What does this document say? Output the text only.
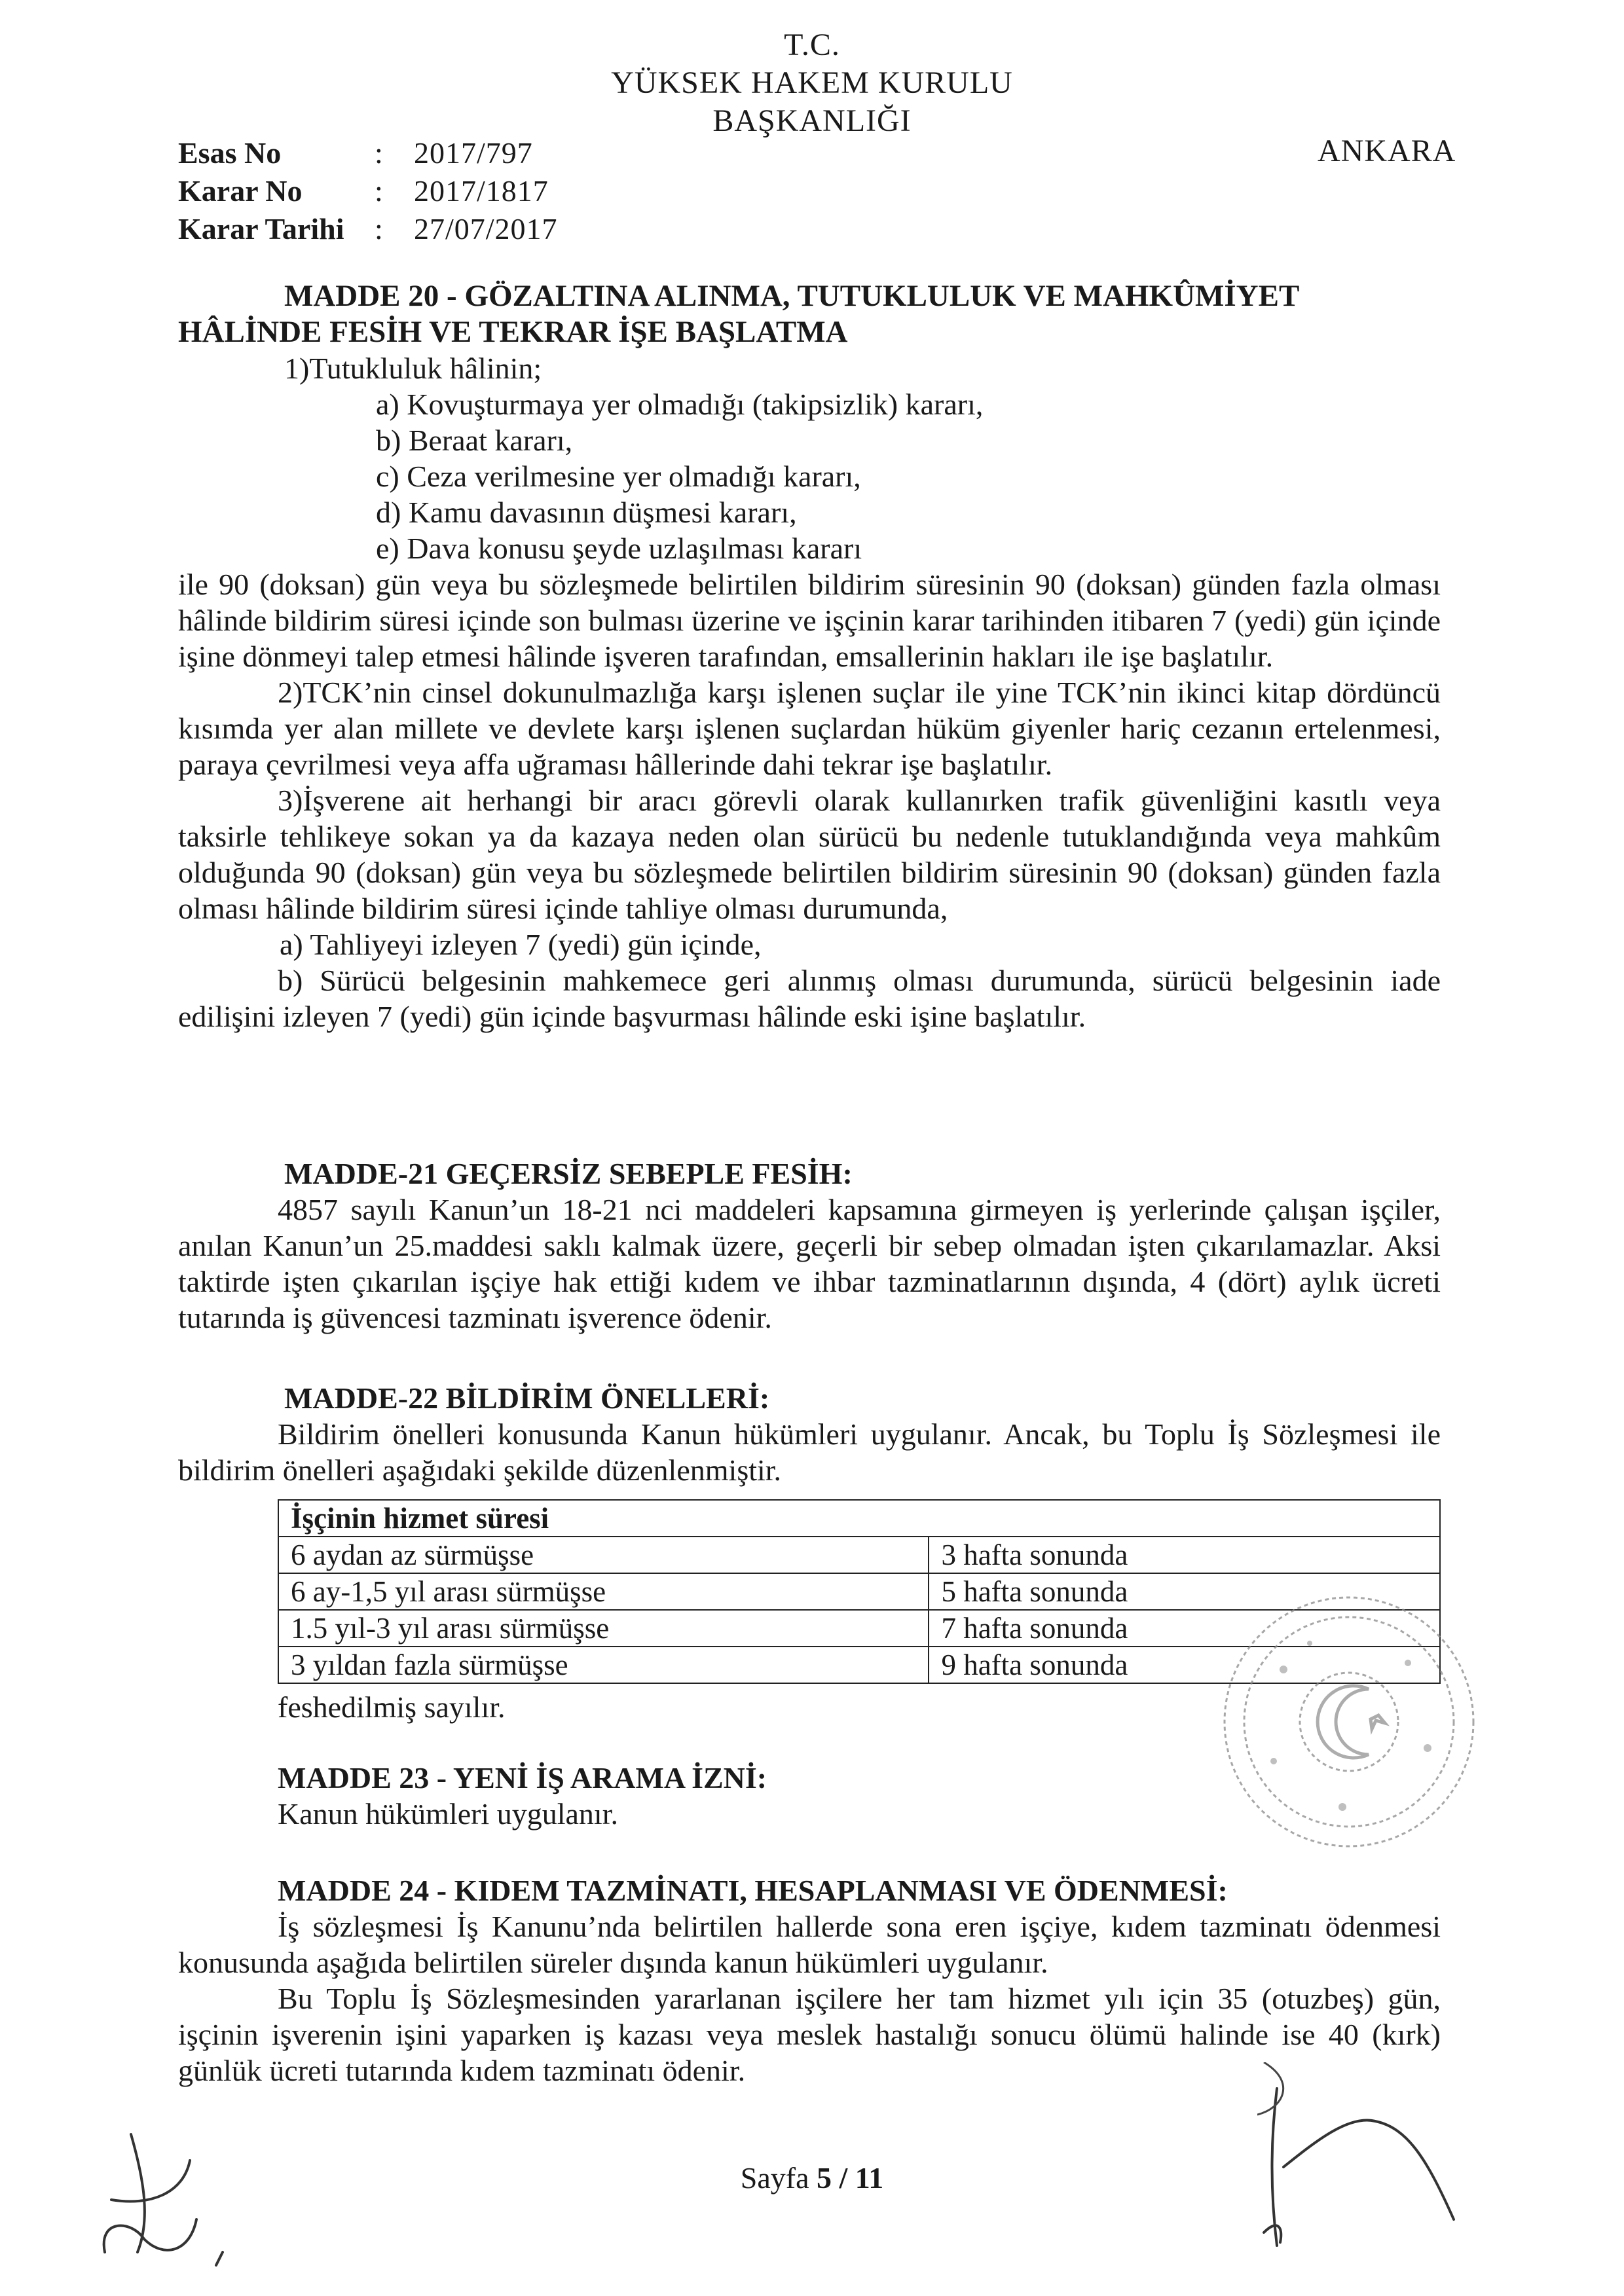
T.C.
YÜKSEK HAKEM KURULU
BAŞKANLIĞI
ANKARA
Esas No	:	2017/797
Karar No	:	2017/1817
Karar Tarihi	:	27/07/2017

MADDE 20 - GÖZALTINA ALINMA, TUTUKLULUK VE MAHKÛMİYET HÂLİNDE FESİH VE TEKRAR İŞE BAŞLATMA

1)Tutukluluk hâlinin;

a) Kovuşturmaya yer olmadığı (takipsizlik) kararı,

b) Beraat kararı,

c) Ceza verilmesine yer olmadığı kararı,

d) Kamu davasının düşmesi kararı,

e) Dava konusu şeyde uzlaşılması kararı

ile 90 (doksan) gün veya bu sözleşmede belirtilen bildirim süresinin 90 (doksan) günden fazla olması hâlinde bildirim süresi içinde son bulması üzerine ve işçinin karar tarihinden itibaren 7 (yedi) gün içinde işine dönmeyi talep etmesi hâlinde işveren tarafından, emsallerinin hakları ile işe başlatılır.

2)TCK’nin cinsel dokunulmazlığa karşı işlenen suçlar ile yine TCK’nin ikinci kitap dördüncü kısımda yer alan millete ve devlete karşı işlenen suçlardan hüküm giyenler hariç cezanın ertelenmesi, paraya çevrilmesi veya affa uğraması hâllerinde dahi tekrar işe başlatılır.

3)İşverene ait herhangi bir aracı görevli olarak kullanırken trafik güvenliğini kasıtlı veya taksirle tehlikeye sokan ya da kazaya neden olan sürücü bu nedenle tutuklandığında veya mahkûm olduğunda 90 (doksan) gün veya bu sözleşmede belirtilen bildirim süresinin 90 (doksan) günden fazla olması hâlinde bildirim süresi içinde tahliye olması durumunda,

a) Tahliyeyi izleyen 7 (yedi) gün içinde,

b) Sürücü belgesinin mahkemece geri alınmış olması durumunda, sürücü belgesinin iade edilişini izleyen 7 (yedi) gün içinde başvurması hâlinde eski işine başlatılır.

MADDE-21 GEÇERSİZ SEBEPLE FESİH:

4857 sayılı Kanun’un 18-21 nci maddeleri kapsamına girmeyen iş yerlerinde çalışan işçiler, anılan Kanun’un 25.maddesi saklı kalmak üzere, geçerli bir sebep olmadan işten çıkarılamazlar. Aksi taktirde işten çıkarılan işçiye hak ettiği kıdem ve ihbar tazminatlarının dışında, 4 (dört) aylık ücreti tutarında iş güvencesi tazminatı işverence ödenir.

MADDE-22 BİLDİRİM ÖNELLERİ:

Bildirim önelleri konusunda Kanun hükümleri uygulanır. Ancak, bu Toplu İş Sözleşmesi ile bildirim önelleri aşağıdaki şekilde düzenlenmiştir.

İşçinin hizmet süresi	
6 aydan az sürmüşse	3 hafta sonunda
6 ay-1,5 yıl arası sürmüşse	5 hafta sonunda
1.5 yıl-3 yıl arası sürmüşse	7 hafta sonunda
3 yıldan fazla sürmüşse	9 hafta sonunda

feshedilmiş sayılır.

MADDE 23 - YENİ İŞ ARAMA İZNİ:

Kanun hükümleri uygulanır.

MADDE 24 - KIDEM TAZMİNATI, HESAPLANMASI VE ÖDENMESİ:

İş sözleşmesi İş Kanunu’nda belirtilen hallerde sona eren işçiye, kıdem tazminatı ödenmesi konusunda aşağıda belirtilen süreler dışında kanun hükümleri uygulanır.

Bu Toplu İş Sözleşmesinden yararlanan işçilere her tam hizmet yılı için 35 (otuzbeş) gün, işçinin işverenin işini yaparken iş kazası veya meslek hastalığı sonucu ölümü halinde ise 40 (kırk) günlük ücreti tutarında kıdem tazminatı ödenir.

Sayfa 5 / 11
